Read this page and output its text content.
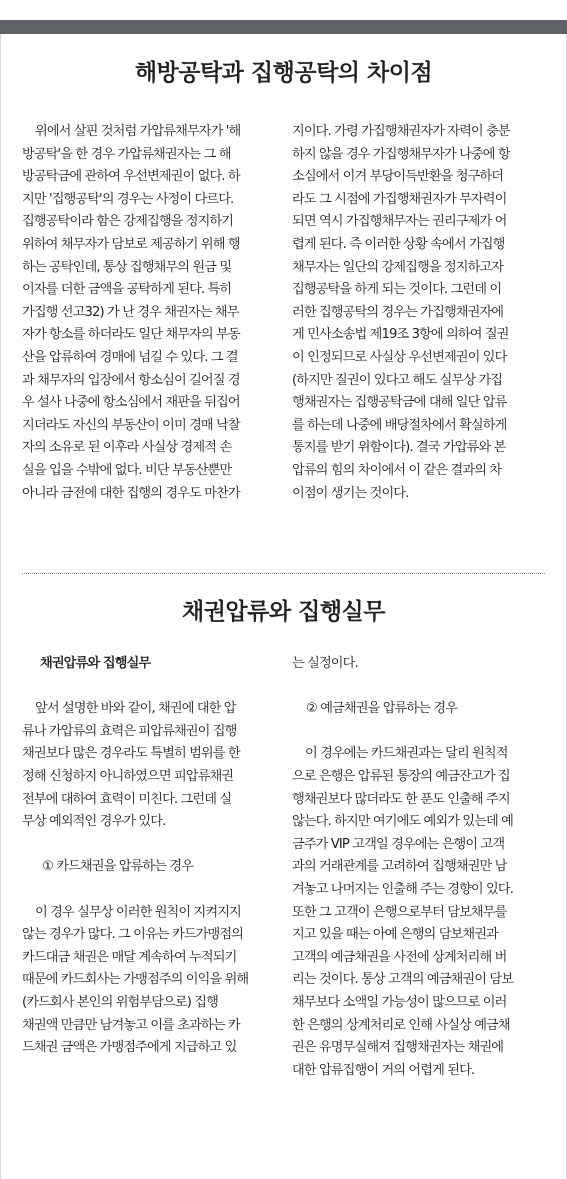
해방공탁과 집행공탁의 차이점

위에서 살핀 것처럼 가압류채무자가 '해

방공탁'을 한 경우 가압류채권자는 그 해

방공탁금에 관하여 우선변제권이 없다. 하

지만 '집행공탁'의 경우는 사정이 다르다.

집행공탁이라 함은 강제집행을 정지하기

위하여 채무자가 담보로 제공하기 위해 행

하는 공탁인데, 통상 집행채무의 원금 및

이자를 더한 금액을 공탁하게 된다. 특히

가집행 선고32) 가 난 경우 채권자는 채무

자가 항소를 하더라도 일단 채무자의 부동

산을 압류하여 경매에 넘길 수 있다. 그 결

과 채무자의 입장에서 항소심이 길어질 경

우 설사 나중에 항소심에서 재판을 뒤집어

지더라도 자신의 부동산이 이미 경매 낙찰

자의 소유로 된 이후라 사실상 경제적 손

실을 입을 수밖에 없다. 비단 부동산뿐만

아니라 금전에 대한 집행의 경우도 마찬가

지이다. 가령 가집행채권자가 자력이 충분

하지 않을 경우 가집행채무자가 나중에 항

소심에서 이겨 부당이득반환을 청구하더

라도 그 시점에 가집행채권자가 무자력이

되면 역시 가집행채무자는 권리구제가 어

렵게 된다. 즉 이러한 상황 속에서 가집행

채무자는 일단의 강제집행을 정지하고자

집행공탁을 하게 되는 것이다. 그런데 이

러한 집행공탁의 경우는 가집행채권자에

게 민사소송법 제19조 3항에 의하여 질권

이 인정되므로 사실상 우선변제권이 있다

(하지만 질권이 있다고 해도 실무상 가집

행채권자는 집행공탁금에 대해 일단 압류

를 하는데 나중에 배당절차에서 확실하게

통지를 받기 위함이다). 결국 가압류와 본

압류의 힘의 차이에서 이 같은 결과의 차

이점이 생기는 것이다.

채권압류와 집행실무

채권압류와 집행실무

앞서 설명한 바와 같이, 채권에 대한 압

류나 가압류의 효력은 피압류채권이 집행

채권보다 많은 경우라도 특별히 범위를 한

정해 신청하지 아니하였으면 피압류채권

전부에 대하여 효력이 미친다. 그런데 실

무상 예외적인 경우가 있다.

① 카드채권을 압류하는 경우

이 경우 실무상 이러한 원칙이 지켜지지

않는 경우가 많다. 그 이유는 카드가맹점의

카드대금 채권은 매달 계속하여 누적되기

때문에 카드회사는 가맹점주의 이익을 위해

(카드회사 본인의 위험부담으로) 집행

채권액 만큼만 남겨놓고 이를 초과하는 카

드채권 금액은 가맹점주에게 지급하고 있

는 실정이다.

② 예금채권을 압류하는 경우

이 경우에는 카드채권과는 달리 원칙적

으로 은행은 압류된 통장의 예금잔고가 집

행채권보다 많더라도 한 푼도 인출해 주지

않는다. 하지만 여기에도 예외가 있는데 예

금주가 VIP 고객일 경우에는 은행이 고객

과의 거래관계를 고려하여 집행채권만 남

겨놓고 나머지는 인출해 주는 경향이 있다.

또한 그 고객이 은행으로부터 담보채무를

지고 있을 때는 아예 은행의 담보채권과

고객의 예금채권을 사전에 상계처리해 버

리는 것이다. 통상 고객의 예금채권이 담보

채무보다 소액일 가능성이 많으므로 이러

한 은행의 상계처리로 인해 사실상 예금채

권은 유명무실해져 집행채권자는 채권에

대한 압류집행이 거의 어렵게 된다.
